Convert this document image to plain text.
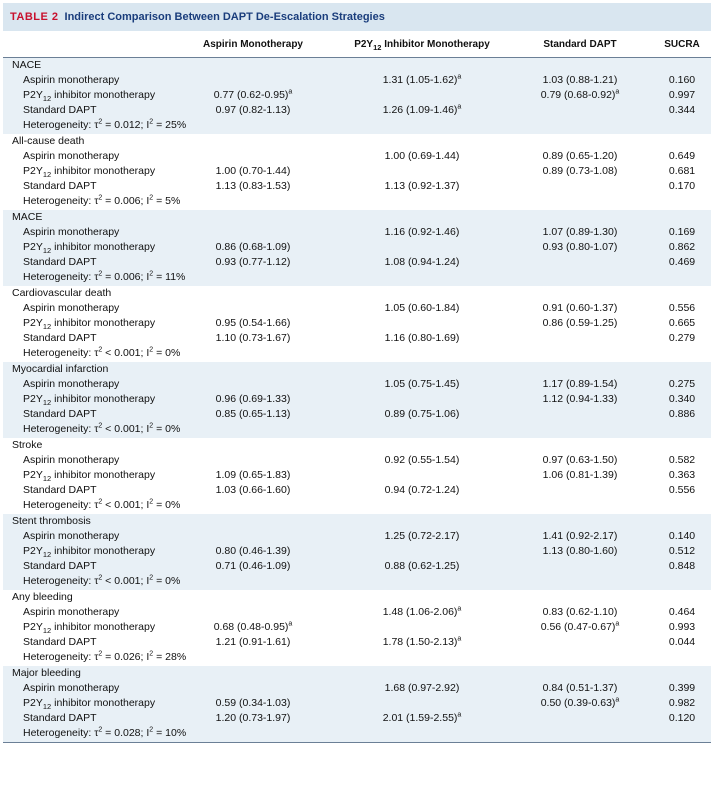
TABLE 2 Indirect Comparison Between DAPT De-Escalation Strategies
	Aspirin Monotherapy	$P2Y_{12}$ Inhibitor Monotherapy	Standard DAPT	SUCRA
NACE				
Aspirin monotherapy		1.31 $(1.05-1.62)^a$	1.03 (0.88-1.21)	0.160
$P2Y_{12}$ inhibitor monotherapy	0.77 $(0.62-0.95)^a$		0.79 $(0.68-0.92)^a$	0.997
Standard DAPT	0.97 (0.82-1.13)	1.26 $(1.09-1.46)^a$		0.344
Heterogeneity: $\tau^2 = 0.012$; $I^2 = 25\%$				
All-cause death				
Aspirin monotherapy		1.00 (0.69-1.44)	0.89 (0.65-1.20)	0.649
$P2Y_{12}$ inhibitor monotherapy	1.00 (0.70-1.44)		0.89 (0.73-1.08)	0.681
Standard DAPT	1.13 (0.83-1.53)	1.13 (0.92-1.37)		0.170
Heterogeneity: $\tau^2 = 0.006$; $I^2 = 5\%$				
MACE				
Aspirin monotherapy		1.16 (0.92-1.46)	1.07 (0.89-1.30)	0.169
$P2Y_{12}$ inhibitor monotherapy	0.86 (0.68-1.09)		0.93 (0.80-1.07)	0.862
Standard DAPT	0.93 (0.77-1.12)	1.08 (0.94-1.24)		0.469
Heterogeneity: $\tau^2 = 0.006$; $I^2 = 11\%$				
Cardiovascular death				
Aspirin monotherapy		1.05 (0.60-1.84)	0.91 (0.60-1.37)	0.556
$P2Y_{12}$ inhibitor monotherapy	0.95 (0.54-1.66)		0.86 (0.59-1.25)	0.665
Standard DAPT	1.10 (0.73-1.67)	1.16 (0.80-1.69)		0.279
Heterogeneity: $\tau^2 < 0.001$; $I^2 = 0\%$				
Myocardial infarction				
Aspirin monotherapy		1.05 (0.75-1.45)	1.17 (0.89-1.54)	0.275
$P2Y_{12}$ inhibitor monotherapy	0.96 (0.69-1.33)		1.12 (0.94-1.33)	0.340
Standard DAPT	0.85 (0.65-1.13)	0.89 (0.75-1.06)		0.886
Heterogeneity: $\tau^2 < 0.001$; $I^2 = 0\%$				
Stroke				
Aspirin monotherapy		0.92 (0.55-1.54)	0.97 (0.63-1.50)	0.582
$P2Y_{12}$ inhibitor monotherapy	1.09 (0.65-1.83)		1.06 (0.81-1.39)	0.363
Standard DAPT	1.03 (0.66-1.60)	0.94 (0.72-1.24)		0.556
Heterogeneity: $\tau^2 < 0.001$; $I^2 = 0\%$				
Stent thrombosis				
Aspirin monotherapy		1.25 (0.72-2.17)	1.41 (0.92-2.17)	0.140
$P2Y_{12}$ inhibitor monotherapy	0.80 (0.46-1.39)		1.13 (0.80-1.60)	0.512
Standard DAPT	0.71 (0.46-1.09)	0.88 (0.62-1.25)		0.848
Heterogeneity: $\tau^2 < 0.001$; $I^2 = 0\%$				
Any bleeding				
Aspirin monotherapy		1.48 $(1.06-2.06)^a$	0.83 (0.62-1.10)	0.464
$P2Y_{12}$ inhibitor monotherapy	0.68 $(0.48-0.95)^a$		0.56 $(0.47-0.67)^a$	0.993
Standard DAPT	1.21 (0.91-1.61)	1.78 $(1.50-2.13)^a$		0.044
Heterogeneity: $\tau^2 = 0.026$; $I^2 = 28\%$				
Major bleeding				
Aspirin monotherapy		1.68 (0.97-2.92)	0.84 (0.51-1.37)	0.399
$P2Y_{12}$ inhibitor monotherapy	0.59 (0.34-1.03)		0.50 $(0.39-0.63)^a$	0.982
Standard DAPT	1.20 (0.73-1.97)	2.01 $(1.59-2.55)^a$		0.120
Heterogeneity: $\tau^2 = 0.028$; $I^2 = 10\%$				
